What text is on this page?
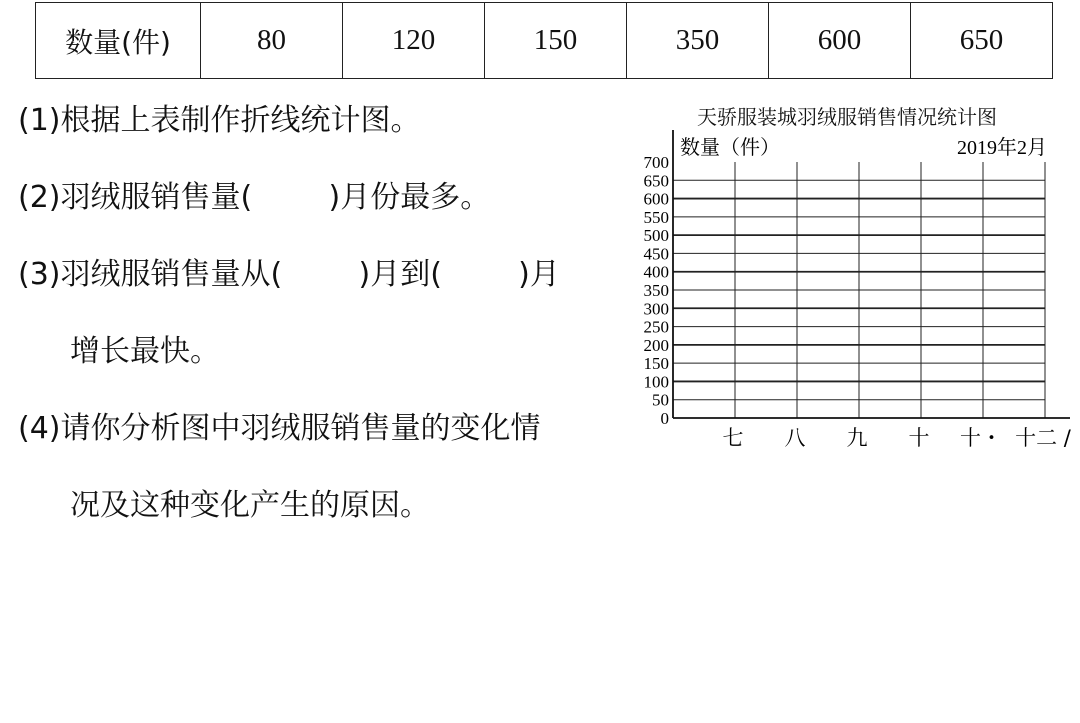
数量(件)	80	120	150	350	600	650
(1)根据上表制作折线统计图。
(2)羽绒服销售量(        )月份最多。
(3)羽绒服销售量从(        )月到(        )月
增长最快。
(4)请你分析图中羽绒服销售量的变化情
况及这种变化产生的原因。
天骄服装城羽绒服销售情况统计图
0
50
100
150
200
250
300
350
400
450
500
550
600
650
700
七 八 九 十 十・ 十二 /
数量（件）	2019年2月
